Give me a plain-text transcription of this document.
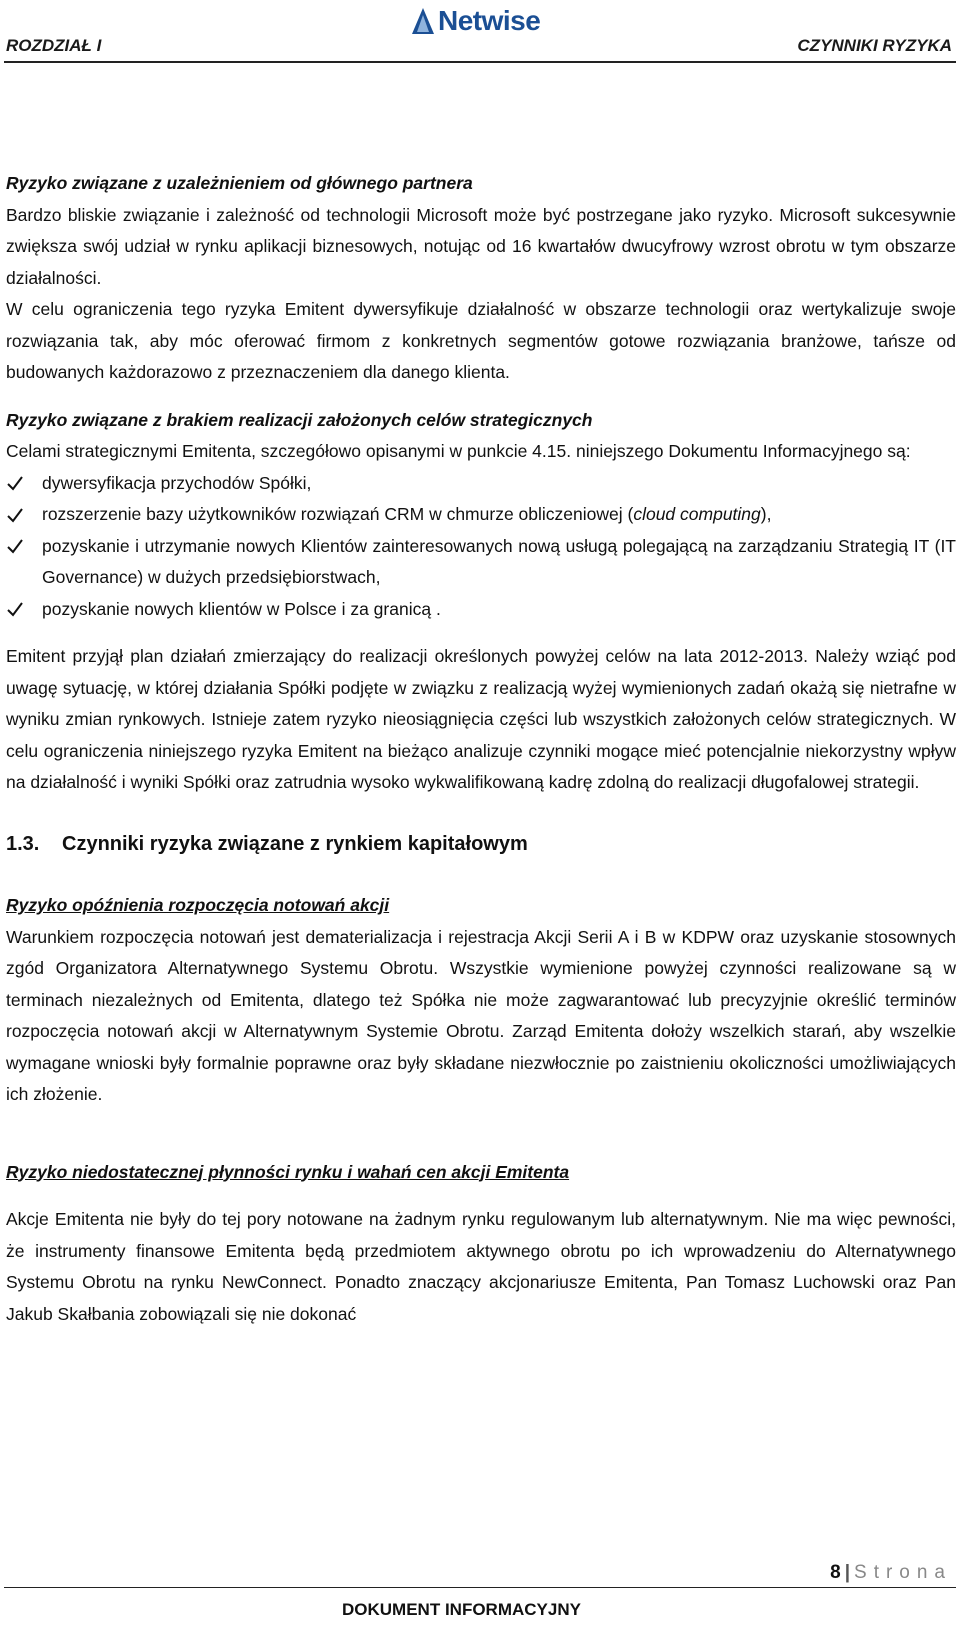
ROZDZIAŁ I
Netwise
CZYNNIKI RYZYKA

Ryzyko związane z uzależnieniem od głównego partnera

Bardzo bliskie związanie i zależność od technologii Microsoft może być postrzegane jako ryzyko. Microsoft sukcesywnie zwiększa swój udział w rynku aplikacji biznesowych, notując od 16 kwartałów dwucyfrowy wzrost obrotu w tym obszarze działalności.

W celu ograniczenia tego ryzyka Emitent dywersyfikuje działalność w obszarze technologii oraz wertykalizuje swoje rozwiązania tak, aby móc oferować firmom z konkretnych segmentów gotowe rozwiązania branżowe, tańsze od budowanych każdorazowo z przeznaczeniem dla danego klienta.

Ryzyko związane z brakiem realizacji założonych celów strategicznych

Celami strategicznymi Emitenta, szczegółowo opisanymi w punkcie 4.15. niniejszego Dokumentu Informacyjnego są:

dywersyfikacja przychodów Spółki,
rozszerzenie bazy użytkowników rozwiązań CRM w chmurze obliczeniowej (cloud computing),
pozyskanie i utrzymanie nowych Klientów zainteresowanych nową usługą polegającą na zarządzaniu Strategią IT (IT Governance) w dużych przedsiębiorstwach,
pozyskanie nowych klientów w Polsce i za granicą .

Emitent przyjął plan działań zmierzający do realizacji określonych powyżej celów na lata 2012-2013. Należy wziąć pod uwagę sytuację, w której działania Spółki podjęte w związku z realizacją wyżej wymienionych zadań okażą się nietrafne w wyniku zmian rynkowych. Istnieje zatem ryzyko nieosiągnięcia części lub wszystkich założonych celów strategicznych. W celu ograniczenia niniejszego ryzyka Emitent na bieżąco analizuje czynniki mogące mieć potencjalnie niekorzystny wpływ na działalność i wyniki Spółki oraz zatrudnia wysoko wykwalifikowaną kadrę zdolną do realizacji długofalowej strategii.

1.3. Czynniki ryzyka związane z rynkiem kapitałowym

Ryzyko opóźnienia rozpoczęcia notowań akcji

Warunkiem rozpoczęcia notowań jest dematerializacja i rejestracja Akcji Serii A i B w KDPW oraz uzyskanie stosownych zgód Organizatora Alternatywnego Systemu Obrotu. Wszystkie wymienione powyżej czynności realizowane są w terminach niezależnych od Emitenta, dlatego też Spółka nie może zagwarantować lub precyzyjnie określić terminów rozpoczęcia notowań akcji w Alternatywnym Systemie Obrotu. Zarząd Emitenta dołoży wszelkich starań, aby wszelkie wymagane wnioski były formalnie poprawne oraz były składane niezwłocznie po zaistnieniu okoliczności umożliwiających ich złożenie.

Ryzyko niedostatecznej płynności rynku i wahań cen akcji Emitenta

Akcje Emitenta nie były do tej pory notowane na żadnym rynku regulowanym lub alternatywnym. Nie ma więc pewności, że instrumenty finansowe Emitenta będą przedmiotem aktywnego obrotu po ich wprowadzeniu do Alternatywnego Systemu Obrotu na rynku NewConnect. Ponadto znaczący akcjonariusze Emitenta, Pan Tomasz Luchowski oraz Pan Jakub Skałbania zobowiązali się nie dokonać

8 | Strona
DOKUMENT INFORMACYJNY
